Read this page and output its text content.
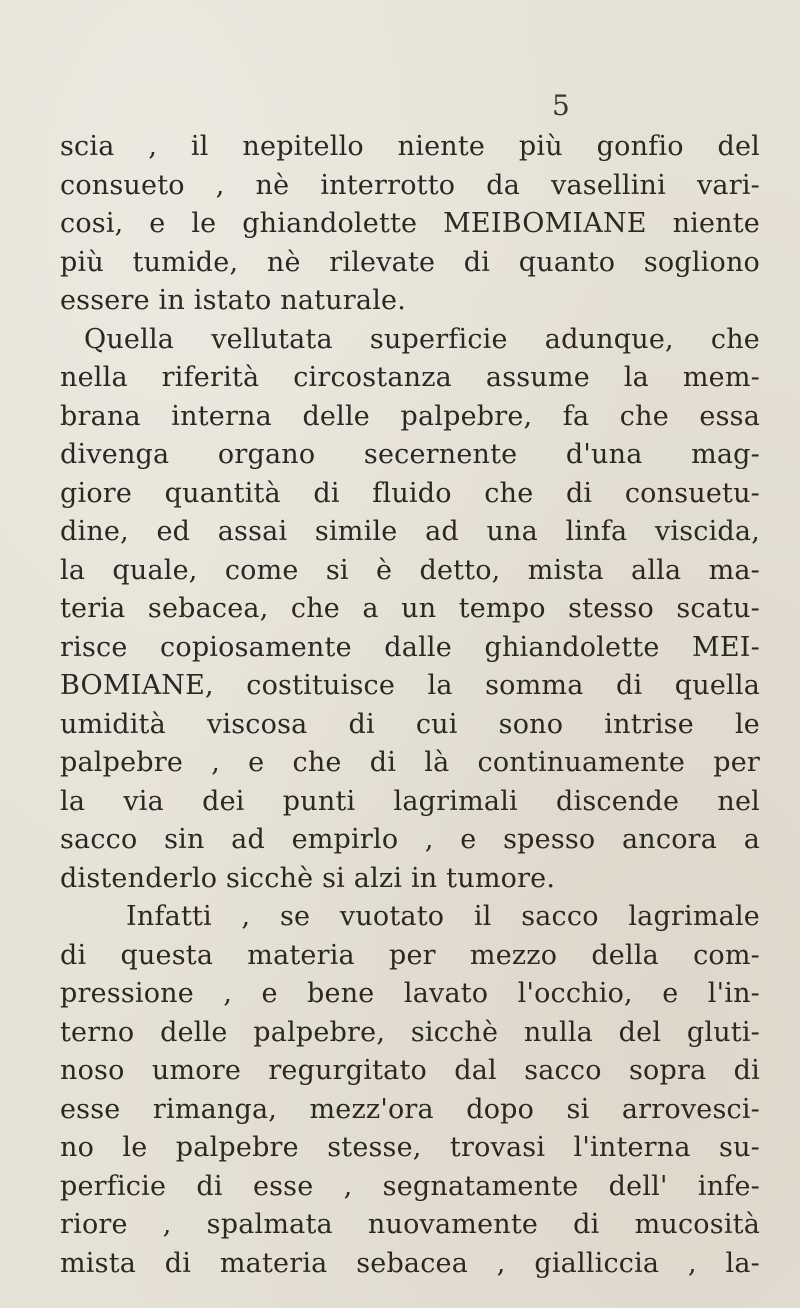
5
scia , il nepitello niente più gonfio del
consueto , nè interrotto da vasellini vari-
cosi, e le ghiandolette MEIBOMIANE niente
più tumide, nè rilevate di quanto sogliono
essere in istato naturale.
Quella vellutata superficie adunque, che
nella riferità circostanza assume la mem-
brana interna delle palpebre, fa che essa
divenga organo secernente d'una mag-
giore quantità di fluido che di consuetu-
dine, ed assai simile ad una linfa viscida,
la quale, come si è detto, mista alla ma-
teria sebacea, che a un tempo stesso scatu-
risce copiosamente dalle ghiandolette MEI-
BOMIANE, costituisce la somma di quella
umidità viscosa di cui sono intrise le
palpebre , e che di là continuamente per
la via dei punti lagrimali discende nel
sacco sin ad empirlo , e spesso ancora a
distenderlo sicchè si alzi in tumore.
Infatti , se vuotato il sacco lagrimale
di questa materia per mezzo della com-
pressione , e bene lavato l'occhio, e l'in-
terno delle palpebre, sicchè nulla del gluti-
noso umore regurgitato dal sacco sopra di
esse rimanga, mezz'ora dopo si arrovesci-
no le palpebre stesse, trovasi l'interna su-
perficie di esse , segnatamente dell' infe-
riore , spalmata nuovamente di mucosità
mista di materia sebacea , gialliccia , la-
